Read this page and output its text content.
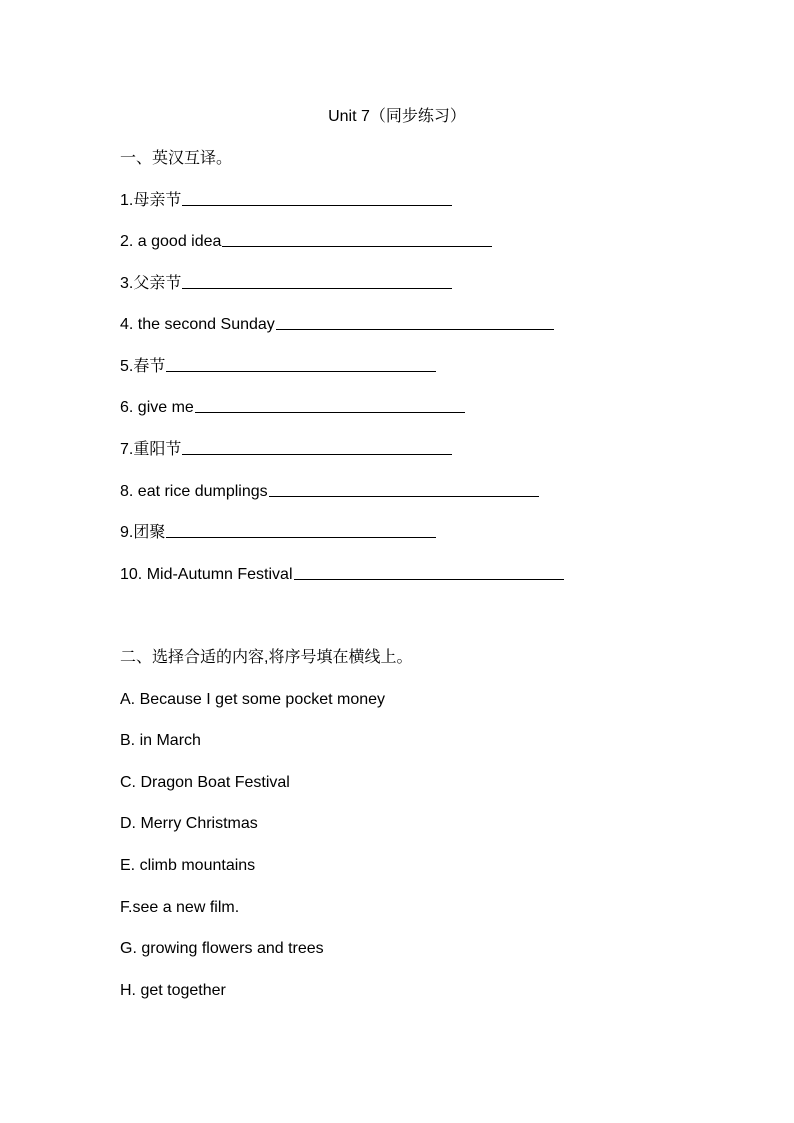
Unit 7（同步练习）
一、英汉互译。
1.母亲节
2. a good idea
3.父亲节
4. the second Sunday
5.春节
6. give me
7.重阳节
8. eat rice dumplings
9.团聚
10. Mid-Autumn Festival
二、选择合适的内容,将序号填在横线上。
A. Because I get some pocket money
B. in March
C. Dragon Boat Festival
D. Merry Christmas
E. climb mountains
F.see a new film.
G. growing flowers and trees
H. get together
